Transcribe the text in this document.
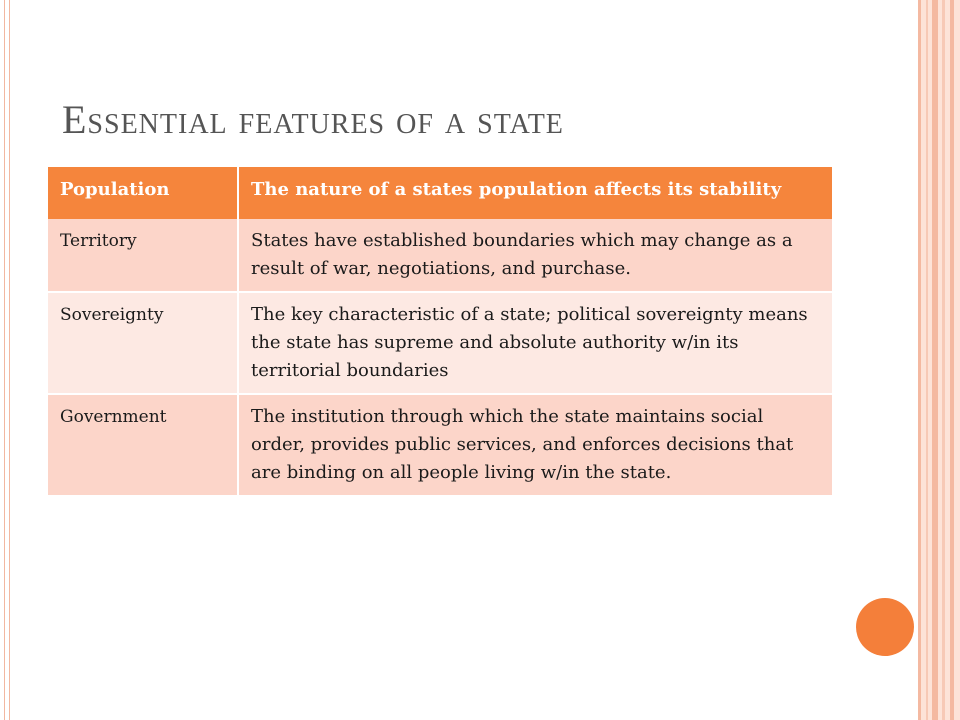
Essential features of a state
Population	The nature of a states population affects its stability
Territory	States have established boundaries which may change as a result of war, negotiations, and purchase.
Sovereignty	The key characteristic of a state; political sovereignty means the state has supreme and absolute authority w/in its territorial boundaries
Government	The institution through which the state maintains social order, provides public services, and enforces decisions that are binding on all people living w/in the state.
